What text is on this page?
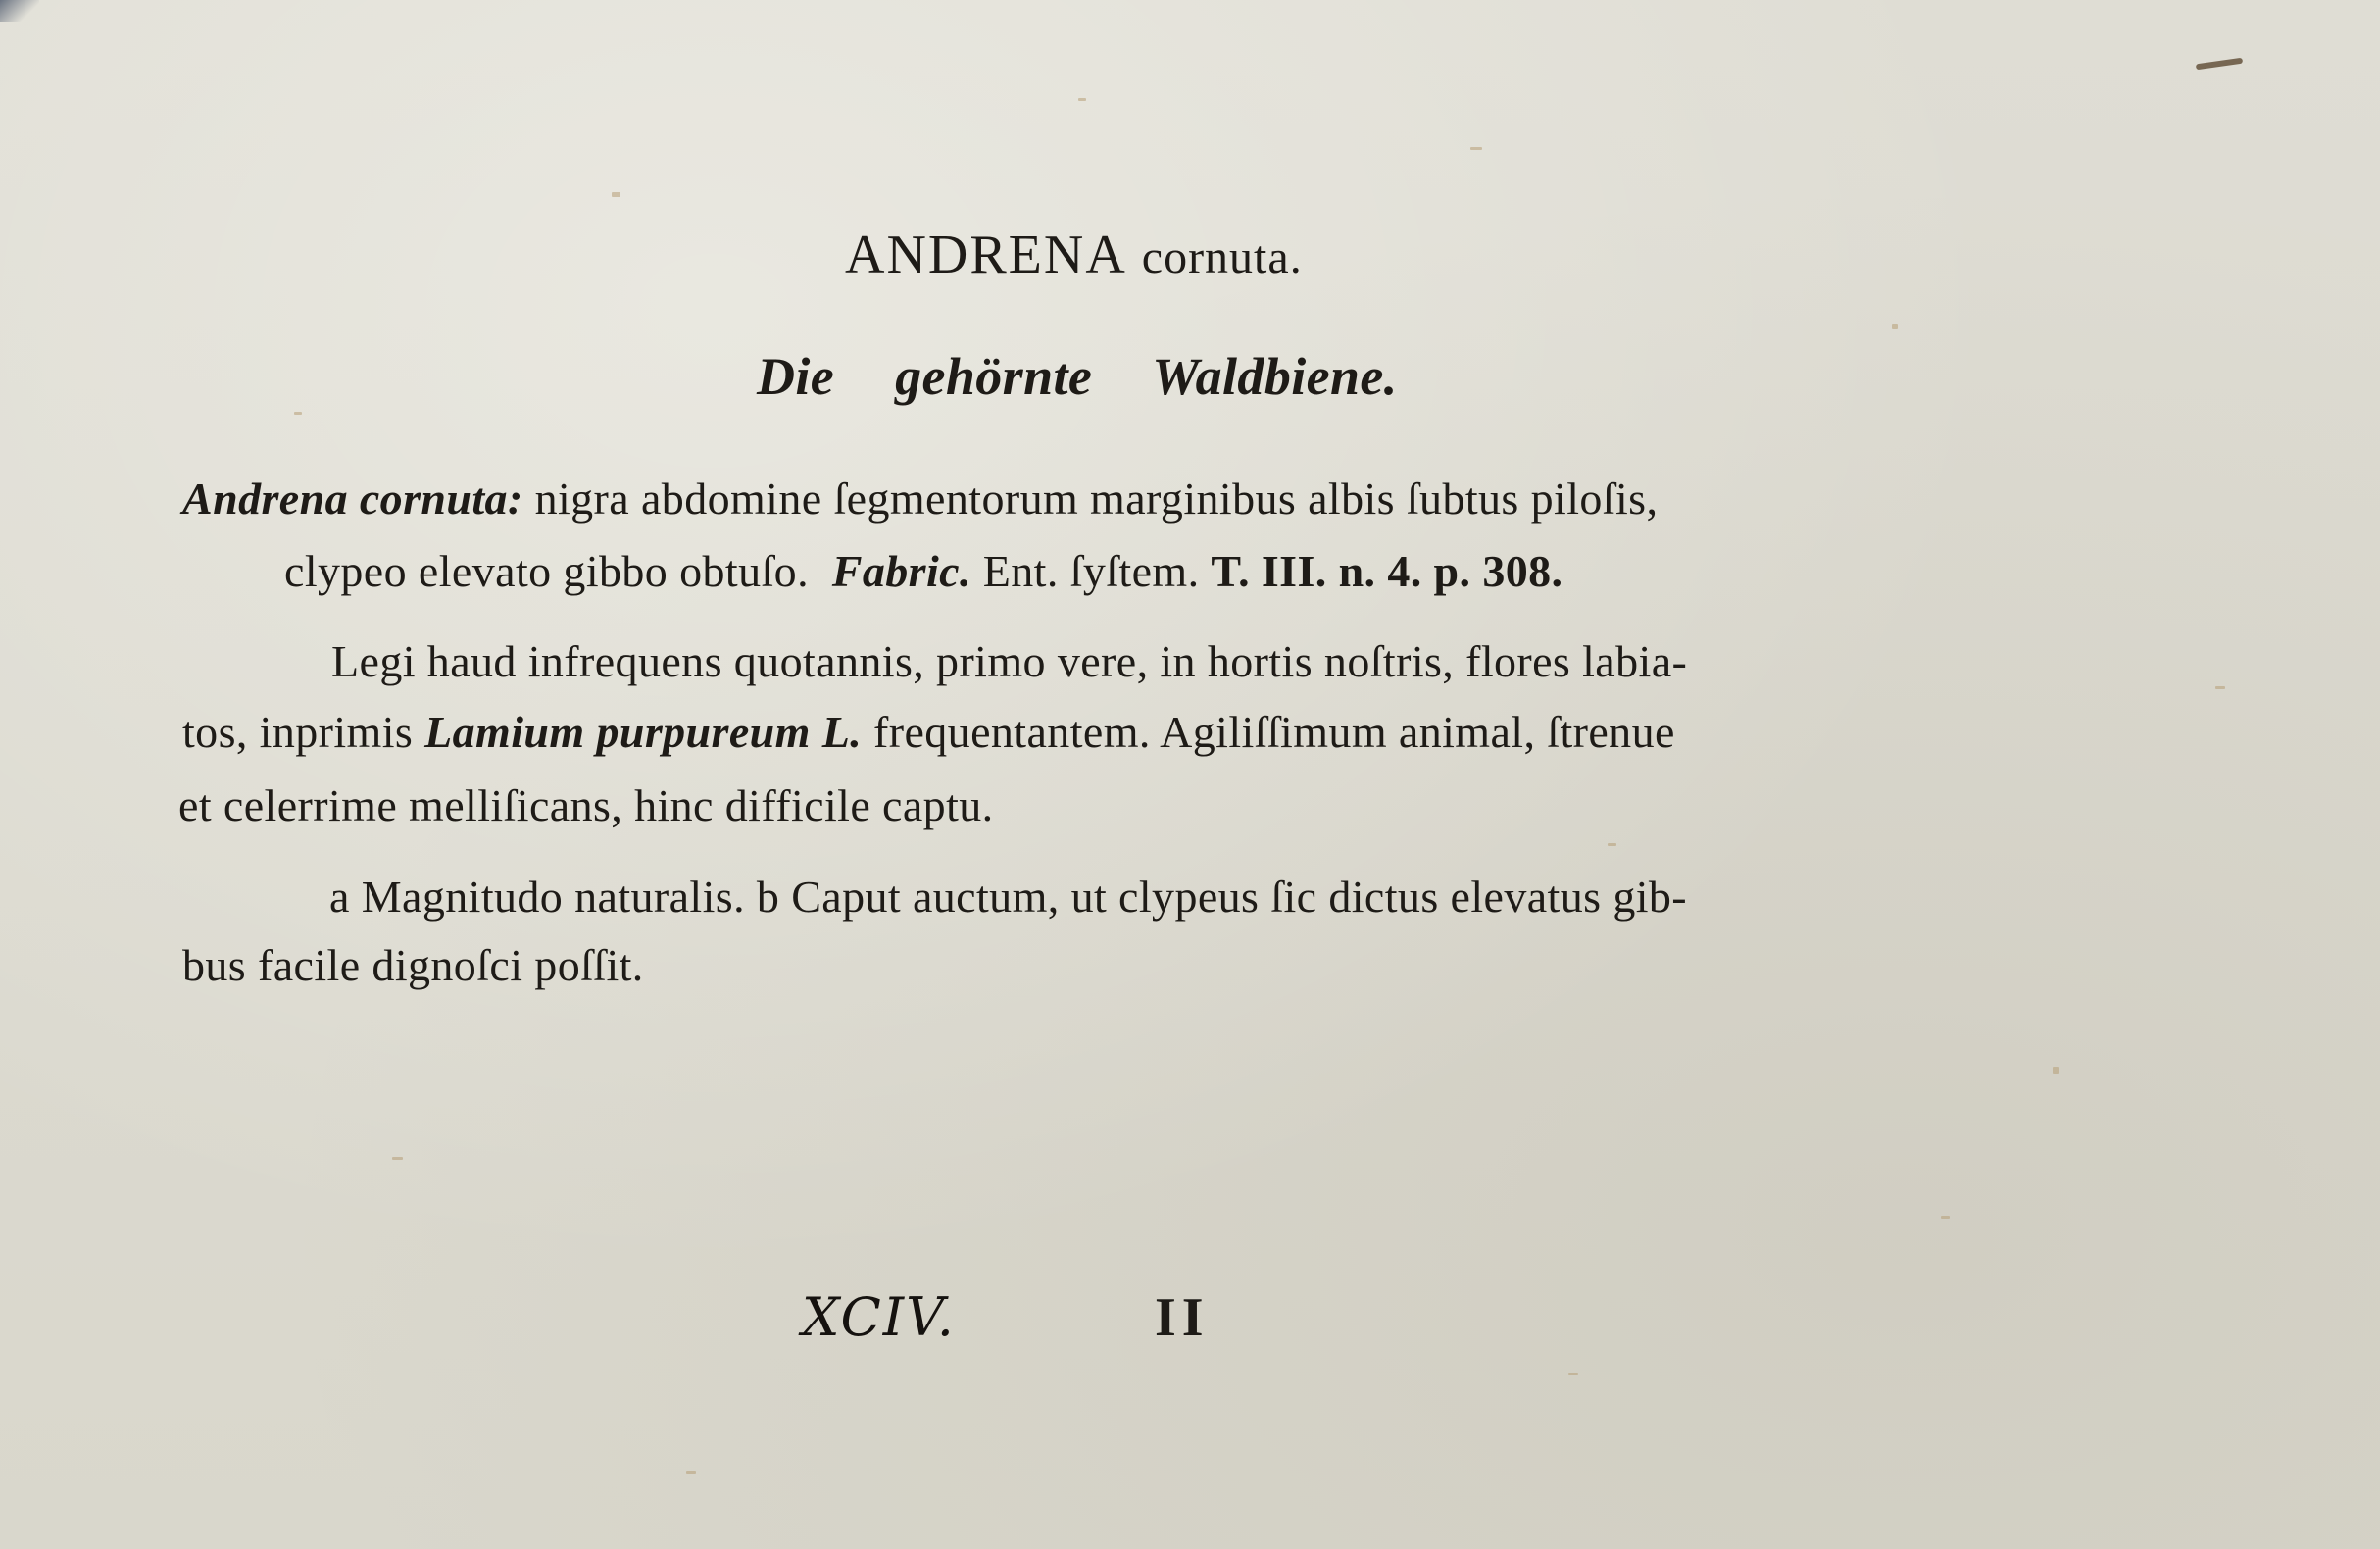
ANDRENA cornuta.
Die gehörnte Waldbiene.
Andrena cornuta: nigra abdomine ſegmentorum marginibus albis ſubtus piloſis,
clypeo elevato gibbo obtuſo. Fabric. Ent. ſyſtem. T. III. n. 4. p. 308.
Legi haud infrequens quotannis, primo vere, in hortis noſtris, flores labia-
tos, inprimis Lamium purpureum L. frequentantem. Agiliſſimum animal, ſtrenue
et celerrime melliſicans, hinc difficile captu.
a Magnitudo naturalis. b Caput auctum, ut clypeus ſic dictus elevatus gib-
bus facile dignoſci poſſit.
XCIV.	II
